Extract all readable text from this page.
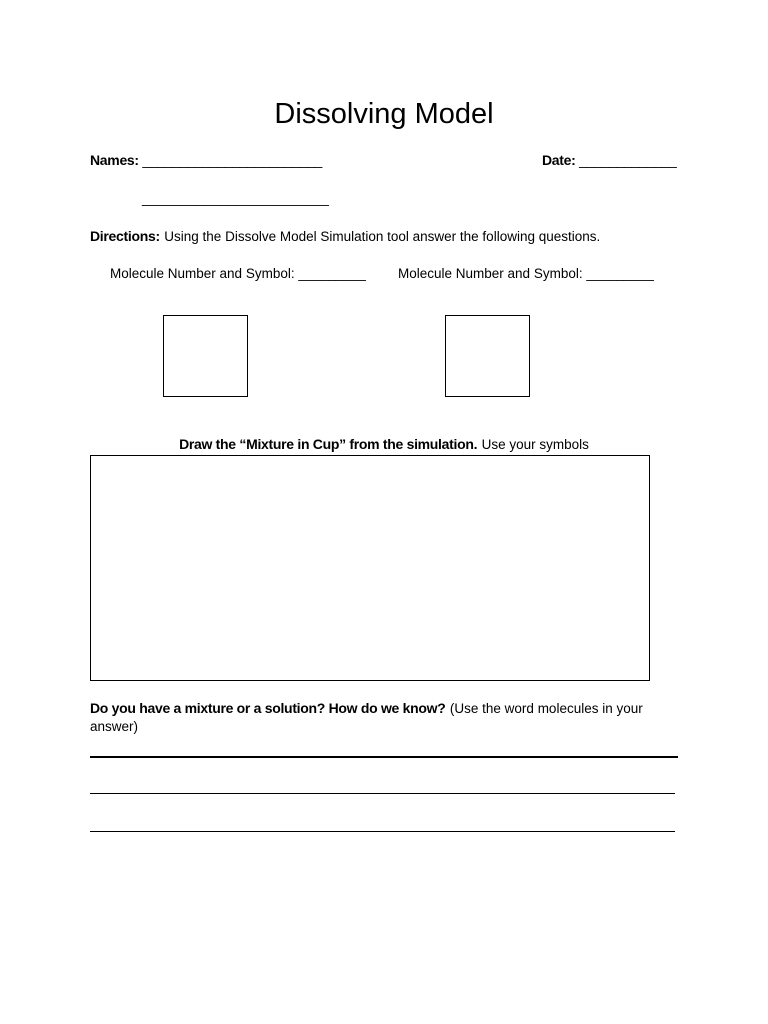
Dissolving Model
Names: ________________________
________________________
Date: _____________
Directions: Using the Dissolve Model Simulation tool answer the following questions.
Molecule Number and Symbol: _________ Molecule Number and Symbol: _________
Draw the “Mixture in Cup” from the simulation. Use your symbols
Do you have a mixture or a solution? How do we know? (Use the word molecules in your
answer)
